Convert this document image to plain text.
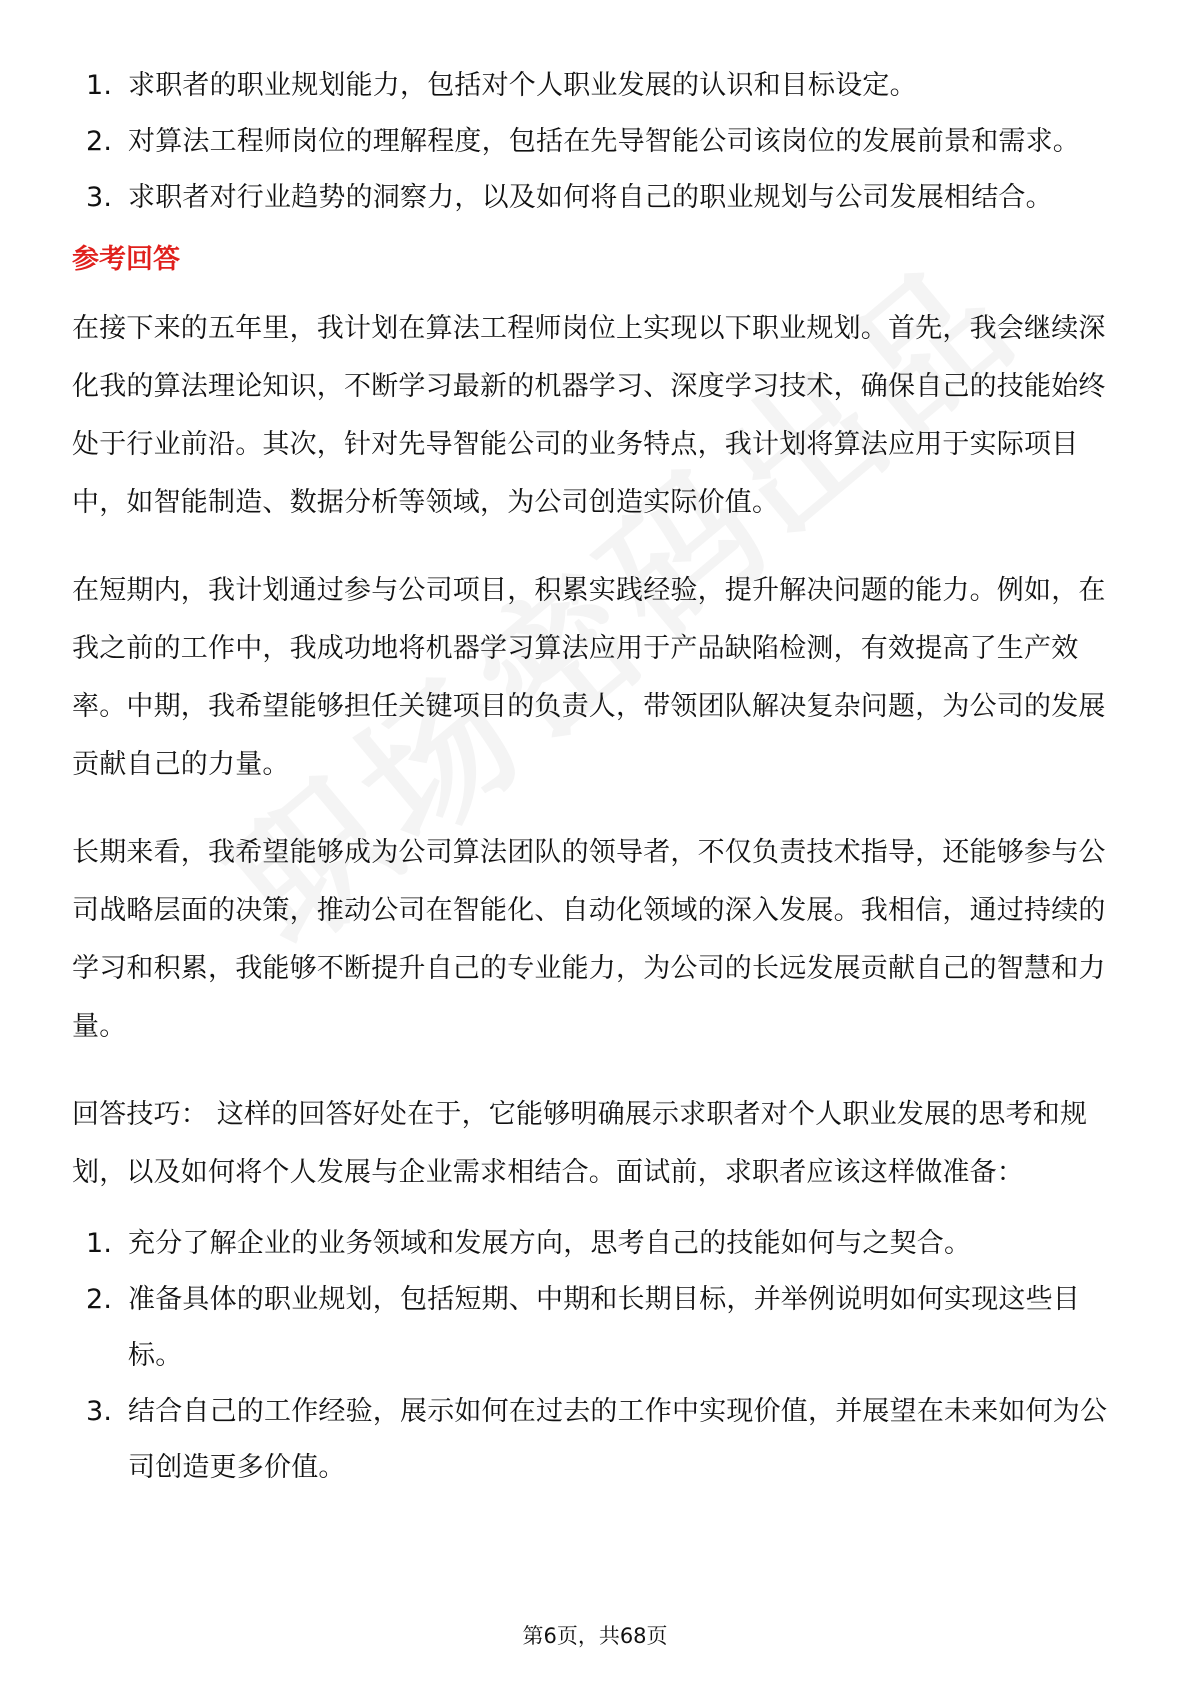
1. 求职者的职业规划能力，包括对个人职业发展的认识和目标设定。
2. 对算法工程师岗位的理解程度，包括在先导智能公司该岗位的发展前景和需求。
3. 求职者对行业趋势的洞察力，以及如何将自己的职业规划与公司发展相结合。
参考回答

在接下来的五年里，我计划在算法工程师岗位上实现以下职业规划。首先，我会继续深化我的算法理论知识，不断学习最新的机器学习、深度学习技术，确保自己的技能始终处于行业前沿。其次，针对先导智能公司的业务特点，我计划将算法应用于实际项目中，如智能制造、数据分析等领域，为公司创造实际价值。

在短期内，我计划通过参与公司项目，积累实践经验，提升解决问题的能力。例如，在我之前的工作中，我成功地将机器学习算法应用于产品缺陷检测，有效提高了生产效率。中期，我希望能够担任关键项目的负责人，带领团队解决复杂问题，为公司的发展贡献自己的力量。

长期来看，我希望能够成为公司算法团队的领导者，不仅负责技术指导，还能够参与公司战略层面的决策，推动公司在智能化、自动化领域的深入发展。我相信，通过持续的学习和积累，我能够不断提升自己的专业能力，为公司的长远发展贡献自己的智慧和力量。

回答技巧： 这样的回答好处在于，它能够明确展示求职者对个人职业发展的思考和规划，以及如何将个人发展与企业需求相结合。面试前，求职者应该这样做准备：

1. 充分了解企业的业务领域和发展方向，思考自己的技能如何与之契合。
2. 准备具体的职业规划，包括短期、中期和长期目标，并举例说明如何实现这些目标。
3. 结合自己的工作经验，展示如何在过去的工作中实现价值，并展望在未来如何为公司创造更多价值。
第6页，共68页
